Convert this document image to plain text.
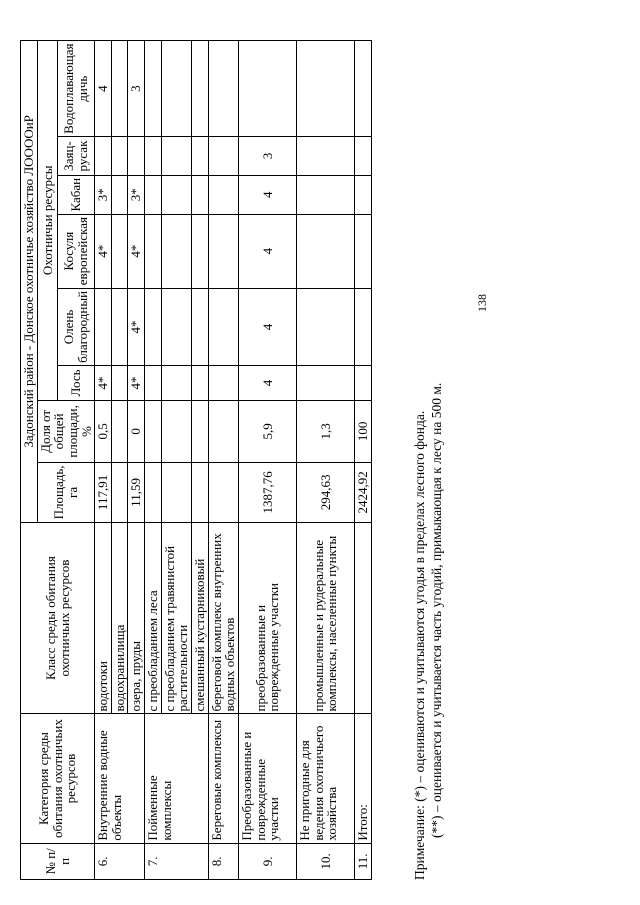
№ п/п	Категория среды обитания охотничьих ресурсов	Класс среды обитания охотничьих ресурсов	Задонский район - Донское охотничье хозяйство ЛООООиР							
			Площадь, га	Доля от общей площади, %	Охотничьи ресурсы					
					Лось	Олень благородный	Косуля европейская	Кабан	Заяц-русак	Водоплавающая дичь
6.	Внутренние водные объекты	водотоки	117,91	0,5	4*		4*	3*		4
		водохранилища								
		озера, пруды	11,59	0	4*	4*	4*	3*		3
7.	Пойменные комплексы	с преобладанием леса								
		с преобладанием травянистой растительности								
		смешанный кустарниковый								
8.	Береговые комплексы	береговой комплекс внутренних водных объектов								
9.	Преобразованные и поврежденные участки	преобразованные и поврежденные участки	1387,76	5,9	4	4	4	4	3	
10.	Не пригодные для ведения охотничьего хозяйства	промышленные и рудеральные комплексы, населенные пункты	294,63	1,3						
11.	Итого:		2424,92	100							Примечание: (*) – оцениваются и учитываются угодья в пределах лесного фонда. (**) – оценивается и учитывается часть угодий, примыкающая к лесу на 500 м.
138
